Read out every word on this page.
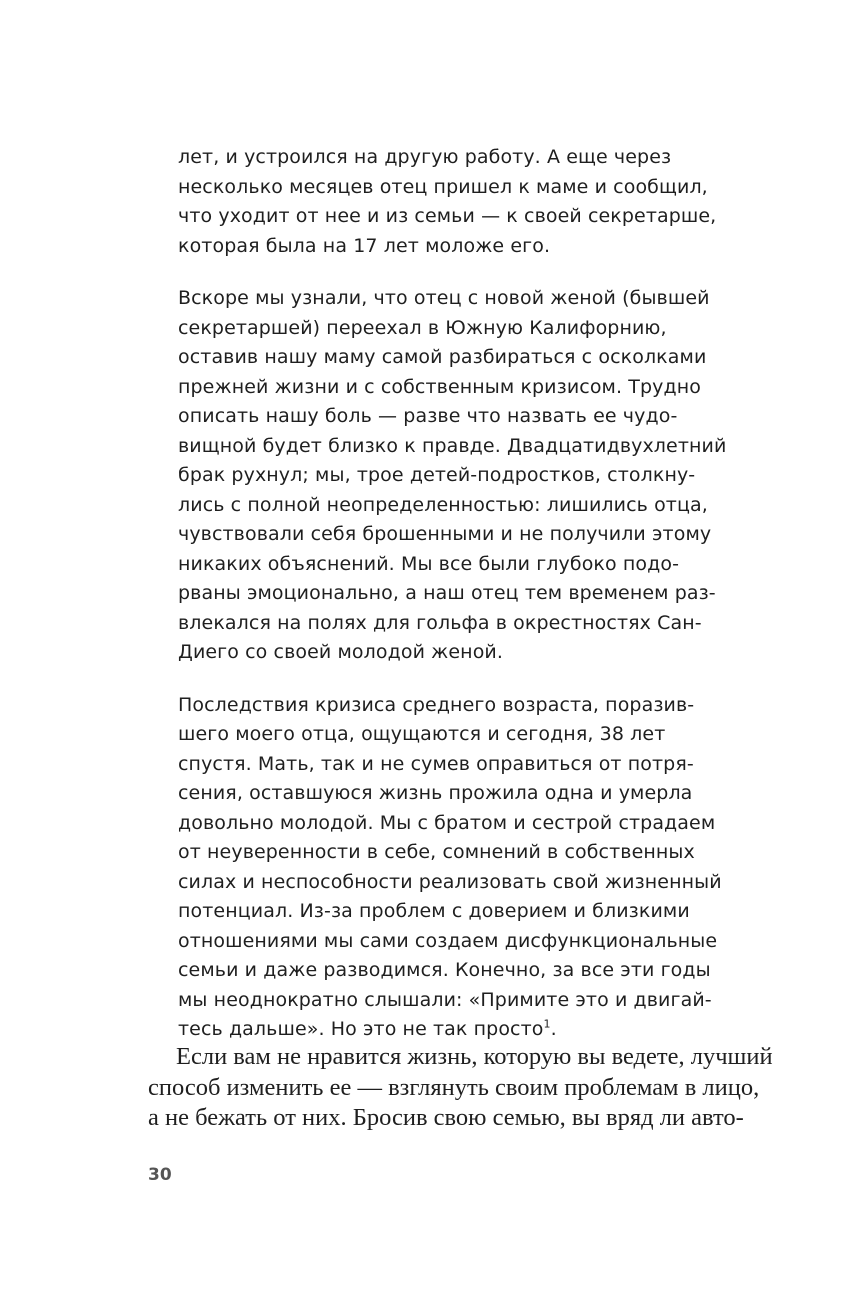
лет, и устроился на другую работу. А еще через
несколько месяцев отец пришел к маме и сообщил,
что уходит от нее и из семьи — к своей секретарше,
которая была на 17 лет моложе его.

Вскоре мы узнали, что отец с новой женой (бывшей
секретаршей) переехал в Южную Калифорнию,
оставив нашу маму самой разбираться с осколками
прежней жизни и с собственным кризисом. Трудно
описать нашу боль — разве что назвать ее чудо-
вищной будет близко к правде. Двадцатидвухлетний
брак рухнул; мы, трое детей-подростков, столкну-
лись с полной неопределенностью: лишились отца,
чувствовали себя брошенными и не получили этому
никаких объяснений. Мы все были глубоко подо-
рваны эмоционально, а наш отец тем временем раз-
влекался на полях для гольфа в окрестностях Сан-
Диего со своей молодой женой.

Последствия кризиса среднего возраста, поразив-
шего моего отца, ощущаются и сегодня, 38 лет
спустя. Мать, так и не сумев оправиться от потря-
сения, оставшуюся жизнь прожила одна и умерла
довольно молодой. Мы с братом и сестрой страдаем
от неуверенности в себе, сомнений в собственных
силах и неспособности реализовать свой жизненный
потенциал. Из-за проблем с доверием и близкими
отношениями мы сами создаем дисфункциональные
семьи и даже разводимся. Конечно, за все эти годы
мы неоднократно слышали: «Примите это и двигай-
тесь дальше». Но это не так просто$^1$.

Если вам не нравится жизнь, которую вы ведете, лучший
способ изменить ее — взглянуть своим проблемам в лицо,
а не бежать от них. Бросив свою семью, вы вряд ли авто-
30
